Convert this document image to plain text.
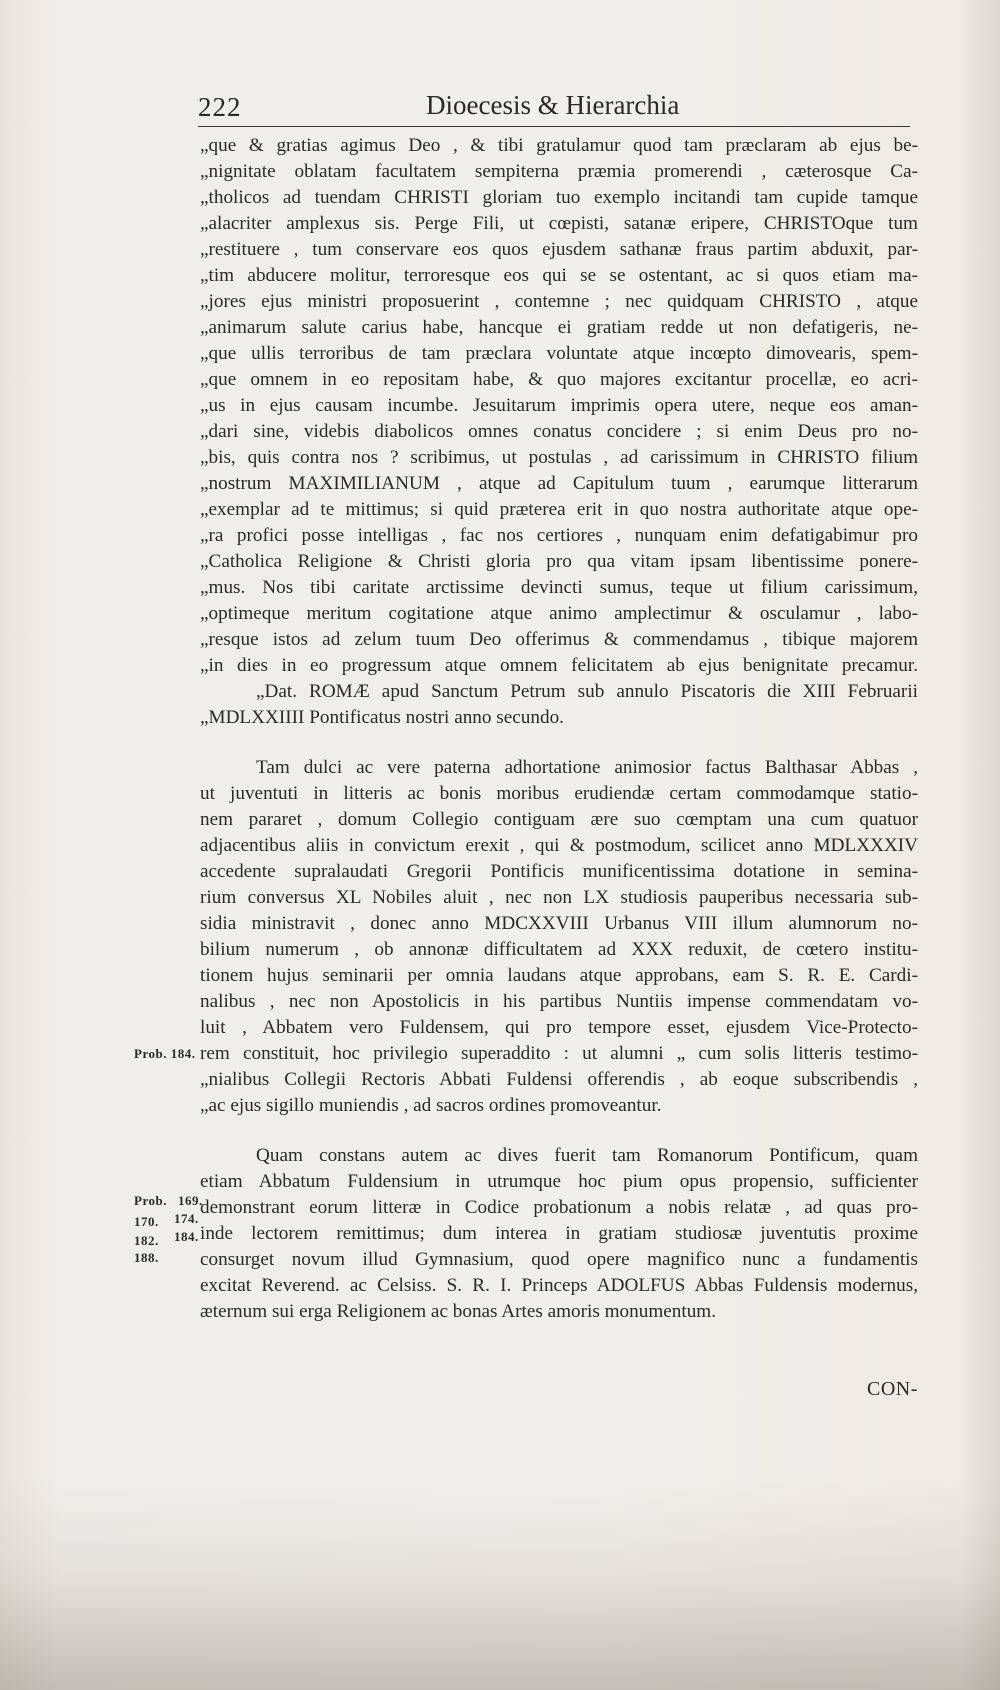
222	Dioecesis & Hierarchia
„que & gratias agimus Deo , & tibi gratulamur quod tam præclaram ab ejus be-
„nignitate oblatam facultatem sempiterna præmia promerendi , cæterosque Ca-
„tholicos ad tuendam CHRISTI gloriam tuo exemplo incitandi tam cupide tamque
„alacriter amplexus sis. Perge Fili, ut cœpisti, satanæ eripere, CHRISTOque tum
„restituere , tum conservare eos quos ejusdem sathanæ fraus partim abduxit, par-
„tim abducere molitur, terroresque eos qui se se ostentant, ac si quos etiam ma-
„jores ejus ministri proposuerint , contemne ; nec quidquam CHRISTO , atque
„animarum salute carius habe, hancque ei gratiam redde ut non defatigeris, ne-
„que ullis terroribus de tam præclara voluntate atque incœpto dimovearis, spem-
„que omnem in eo repositam habe, & quo majores excitantur procellæ, eo acri-
„us in ejus causam incumbe. Jesuitarum imprimis opera utere, neque eos aman-
„dari sine, videbis diabolicos omnes conatus concidere ; si enim Deus pro no-
„bis, quis contra nos ? scribimus, ut postulas , ad carissimum in CHRISTO filium
„nostrum MAXIMILIANUM , atque ad Capitulum tuum , earumque litterarum
„exemplar ad te mittimus; si quid præterea erit in quo nostra authoritate atque ope-
„ra profici posse intelligas , fac nos certiores , nunquam enim defatigabimur pro
„Catholica Religione & Christi gloria pro qua vitam ipsam libentissime ponere-
„mus. Nos tibi caritate arctissime devincti sumus, teque ut filium carissimum,
„optimeque meritum cogitatione atque animo amplectimur & osculamur , labo-
„resque istos ad zelum tuum Deo offerimus & commendamus , tibique majorem
„in dies in eo progressum atque omnem felicitatem ab ejus benignitate precamur.
„Dat. ROMÆ apud Sanctum Petrum sub annulo Piscatoris die XIII Februarii
„MDLXXIIII Pontificatus nostri anno secundo.
Tam dulci ac vere paterna adhortatione animosior factus Balthasar Abbas ,
ut juventuti in litteris ac bonis moribus erudiendæ certam commodamque statio-
nem pararet , domum Collegio contiguam ære suo cœmptam una cum quatuor
adjacentibus aliis in convictum erexit , qui & postmodum, scilicet anno MDLXXXIV
accedente supralaudati Gregorii Pontificis munificentissima dotatione in semina-
rium conversus XL Nobiles aluit , nec non LX studiosis pauperibus necessaria sub-
sidia ministravit , donec anno MDCXXVIII Urbanus VIII illum alumnorum no-
bilium numerum , ob annonæ difficultatem ad XXX reduxit, de cœtero institu-
tionem hujus seminarii per omnia laudans atque approbans, eam S. R. E. Cardi-
nalibus , nec non Apostolicis in his partibus Nuntiis impense commendatam vo-
luit , Abbatem vero Fuldensem, qui pro tempore esset, ejusdem Vice-Protecto-
rem constituit, hoc privilegio superaddito : ut alumni „ cum solis litteris testimo-
„nialibus Collegii Rectoris Abbati Fuldensi offerendis , ab eoque subscribendis ,
„ac ejus sigillo muniendis , ad sacros ordines promoveantur.
Quam constans autem ac dives fuerit tam Romanorum Pontificum, quam
etiam Abbatum Fuldensium in utrumque hoc pium opus propensio, sufficienter
demonstrant eorum litteræ in Codice probationum a nobis relatæ , ad quas pro-
inde lectorem remittimus; dum interea in gratiam studiosæ juventutis proxime
consurget novum illud Gymnasium, quod opere magnifico nunc a fundamentis
excitat Reverend. ac Celsiss. S. R. I. Princeps ADOLFUS Abbas Fuldensis modernus,
æternum sui erga Religionem ac bonas Artes amoris monumentum.
Prob. 184.
Prob. 169.
170. 174.
182. 184.
188.
CON-
